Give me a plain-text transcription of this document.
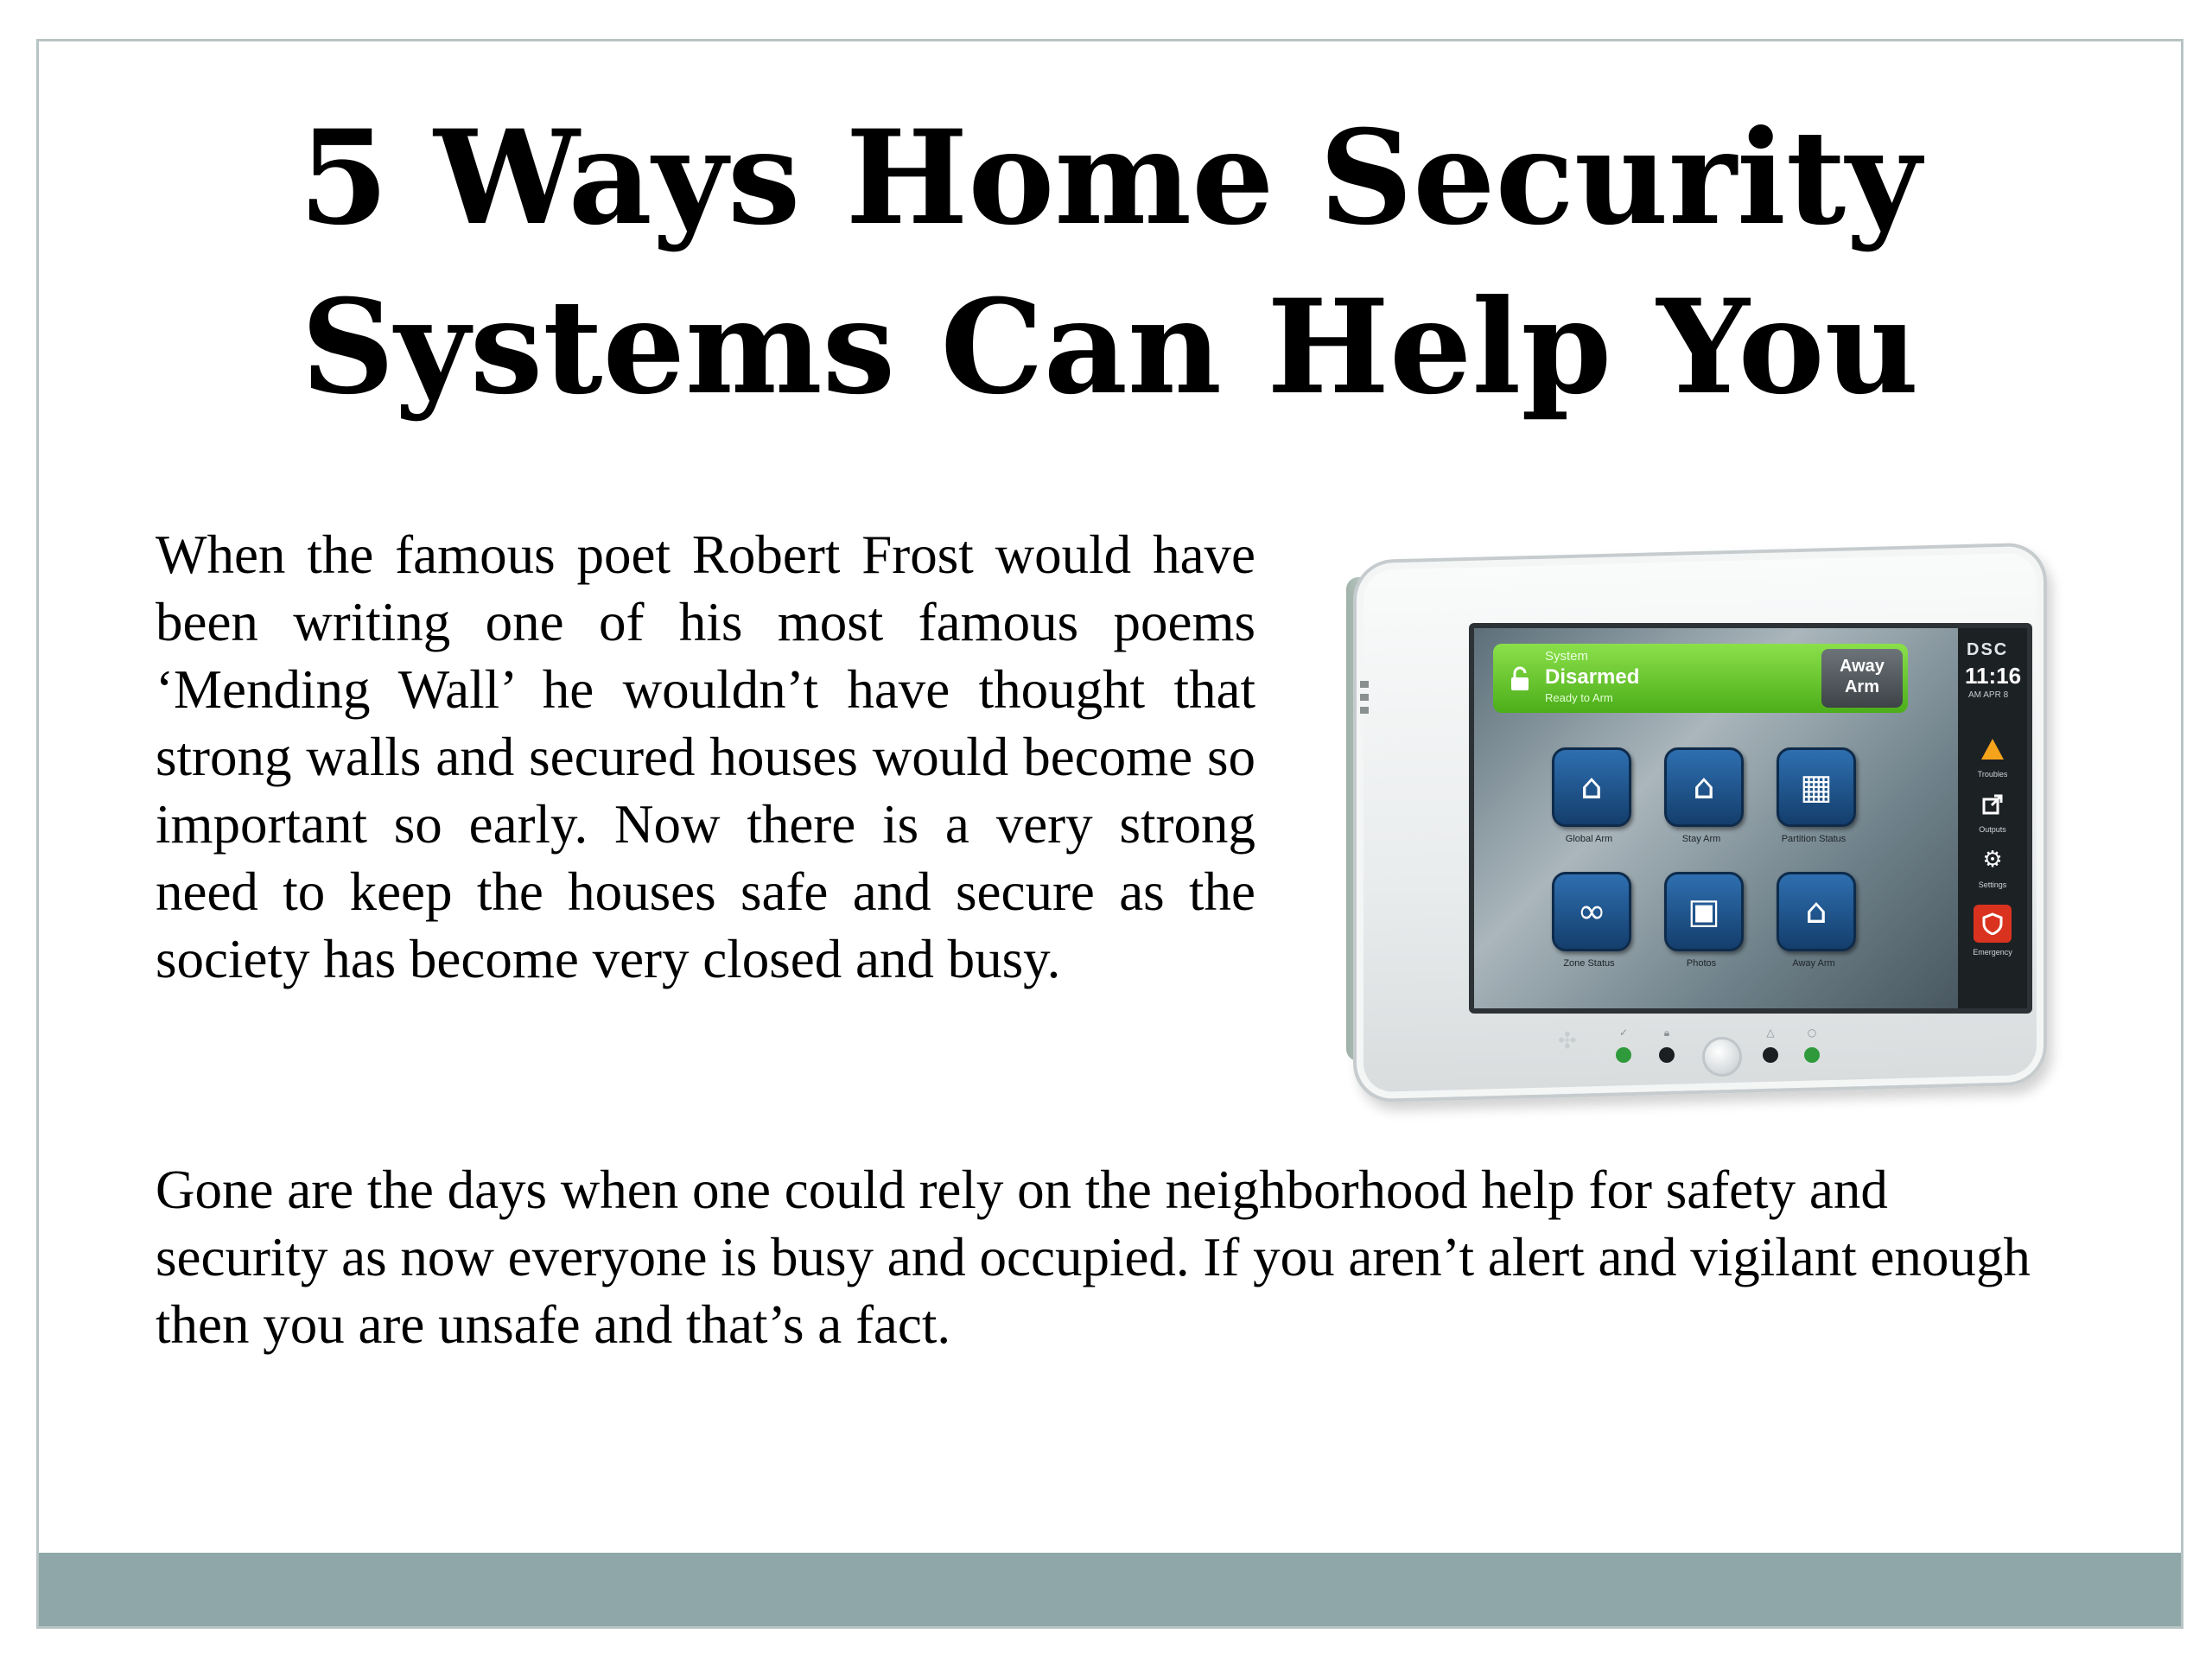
5 Ways Home Security
Systems Can Help You

When the famous poet Robert Frost would have been writing one of his most famous poems ‘Mending Wall’ he wouldn’t have thought that strong walls and secured houses would become so important so early. Now there is a very strong need to keep the houses safe and secure as the society has become very closed and busy.

System
Disarmed
Ready to Arm
Away Arm
DSC
11:16
AM APR 8
Troubles
Outputs
⚙
Settings
Emergency
⌂
Global Arm
⌂
Stay Arm
▦
Partition Status
∞
Zone Status
▣
Photos
⌂
Away Arm
✣	✓	🔒︎	△	○

Gone are the days when one could rely on the neighborhood help for safety and security as now everyone is busy and occupied. If you aren’t alert and vigilant enough then you are unsafe and that’s a fact.
